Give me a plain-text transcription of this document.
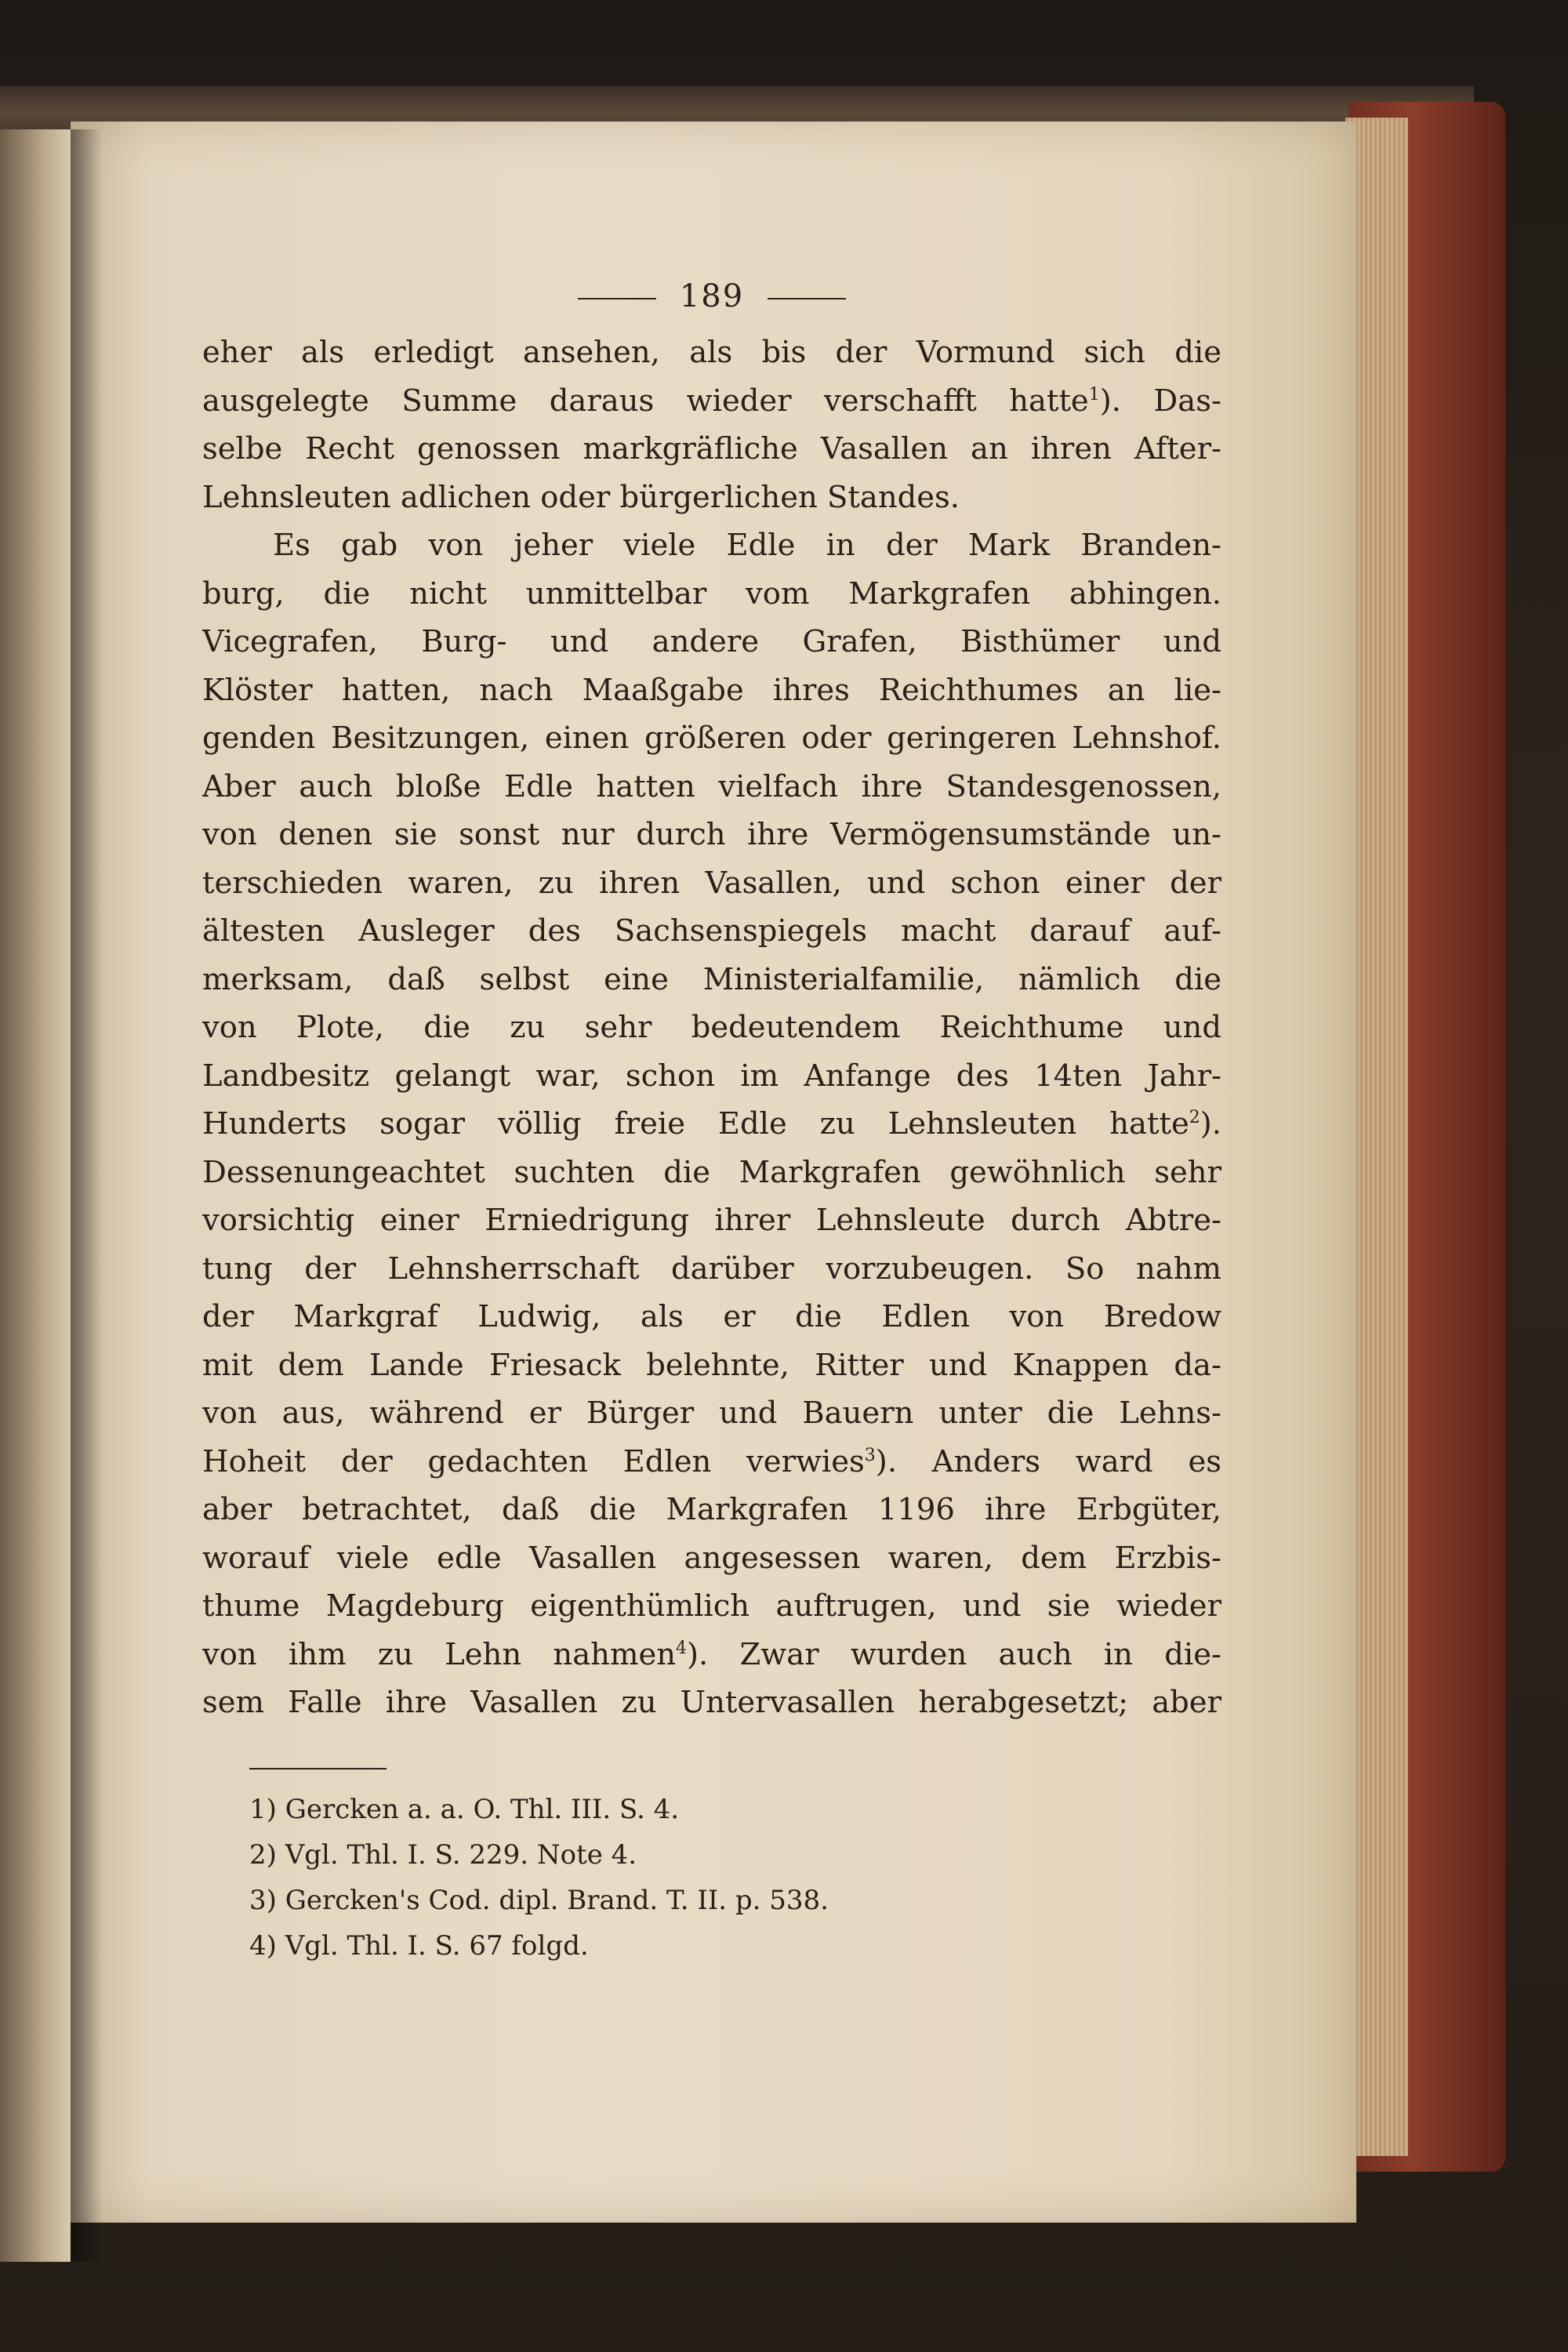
189
eher als erledigt ansehen, als bis der Vormund sich die
ausgelegte Summe daraus wieder verschafft hatte$^1$). Das-
selbe Recht genossen markgräfliche Vasallen an ihren After-
Lehnsleuten adlichen oder bürgerlichen Standes.
Es gab von jeher viele Edle in der Mark Branden-
burg, die nicht unmittelbar vom Markgrafen abhingen.
Vicegrafen, Burg- und andere Grafen, Bisthümer und
Klöster hatten, nach Maaßgabe ihres Reichthumes an lie-
genden Besitzungen, einen größeren oder geringeren Lehnshof.
Aber auch bloße Edle hatten vielfach ihre Standesgenossen,
von denen sie sonst nur durch ihre Vermögensumstände un-
terschieden waren, zu ihren Vasallen, und schon einer der
ältesten Ausleger des Sachsenspiegels macht darauf auf-
merksam, daß selbst eine Ministerialfamilie, nämlich die
von Plote, die zu sehr bedeutendem Reichthume und
Landbesitz gelangt war, schon im Anfange des 14ten Jahr-
Hunderts sogar völlig freie Edle zu Lehnsleuten hatte$^2$).
Dessenungeachtet suchten die Markgrafen gewöhnlich sehr
vorsichtig einer Erniedrigung ihrer Lehnsleute durch Abtre-
tung der Lehnsherrschaft darüber vorzubeugen. So nahm
der Markgraf Ludwig, als er die Edlen von Bredow
mit dem Lande Friesack belehnte, Ritter und Knappen da-
von aus, während er Bürger und Bauern unter die Lehns-
Hoheit der gedachten Edlen verwies$^3$). Anders ward es
aber betrachtet, daß die Markgrafen 1196 ihre Erbgüter,
worauf viele edle Vasallen angesessen waren, dem Erzbis-
thume Magdeburg eigenthümlich auftrugen, und sie wieder
von ihm zu Lehn nahmen$^4$). Zwar wurden auch in die-
sem Falle ihre Vasallen zu Untervasallen herabgesetzt; aber
1) Gercken a. a. O. Thl. III. S. 4.
2) Vgl. Thl. I. S. 229. Note 4.
3) Gercken's Cod. dipl. Brand. T. II. p. 538.
4) Vgl. Thl. I. S. 67 folgd.
